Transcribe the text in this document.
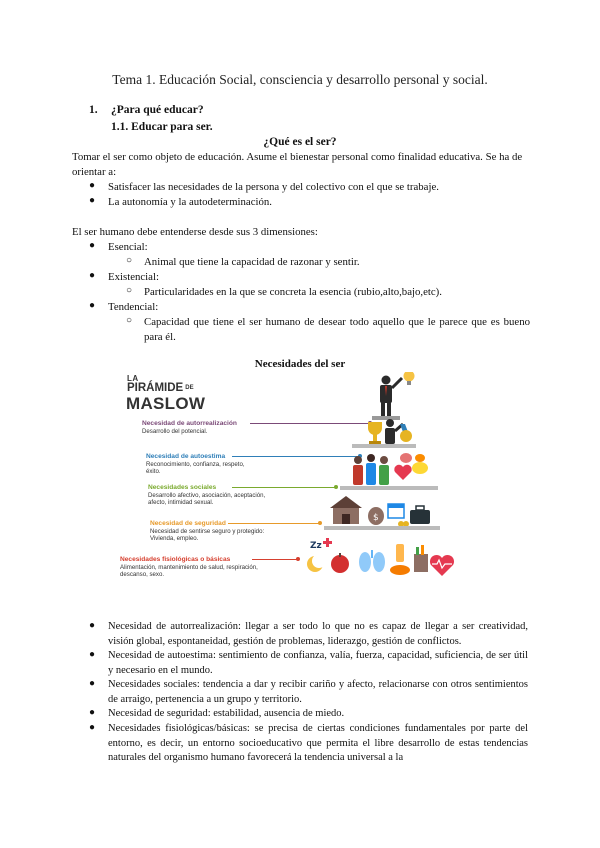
Tema 1. Educación Social, consciencia y desarrollo personal y social.
1. ¿Para qué educar?
1.1. Educar para ser.
¿Qué es el ser?
Tomar el ser como objeto de educación. Asume el bienestar personal como finalidad educativa. Se ha de orientar a:
● Satisfacer las necesidades de la persona y del colectivo con el que se trabaje.
● La autonomía y la autodeterminación.
El ser humano debe entenderse desde sus 3 dimensiones:
● Esencial:
○ Animal que tiene la capacidad de razonar y sentir.
● Existencial:
○ Particularidades en la que se concreta la esencia (rubio,alto,bajo,etc).
● Tendencial:
○ Capacidad que tiene el ser humano de desear todo aquello que le parece que es bueno para él.
Necesidades del ser
LA
PIRÁMIDE DE
MASLOW
Necesidad de autorrealización
Desarrollo del potencial.
Necesidad de autoestima
Reconocimiento, confianza, respeto, éxito.
Necesidades sociales
Desarrollo afectivo, asociación, aceptación, afecto, intimidad sexual.
Necesidad de seguridad
Necesidad de sentirse seguro y protegido: Vivienda, empleo.
Necesidades fisiológicas o básicas
Alimentación, mantenimiento de salud, respiración, descanso, sexo.
$
Zz
● Necesidad de autorrealización: llegar a ser todo lo que no es capaz de llegar a ser creatividad, visión global, espontaneidad, gestión de problemas, liderazgo, gestión de conflictos.
● Necesidad de autoestima: sentimiento de confianza, valía, fuerza, capacidad, suficiencia, de ser útil y necesario en el mundo.
● Necesidades sociales: tendencia a dar y recibir cariño y afecto, relacionarse con otros sentimientos de arraigo, pertenencia a un grupo y territorio.
● Necesidad de seguridad: estabilidad, ausencia de miedo.
● Necesidades fisiológicas/básicas: se precisa de ciertas condiciones fundamentales por parte del entorno, es decir, un entorno socioeducativo que permita el libre desarrollo de estas tendencias naturales del organismo humano favorecerá la tendencia universal a la
